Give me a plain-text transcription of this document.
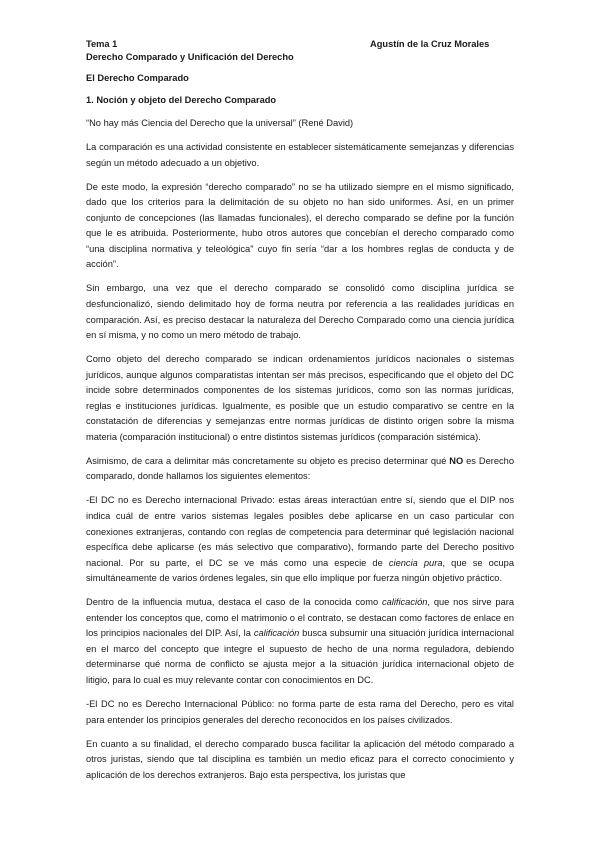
Tema 1
Derecho Comparado y Unificación del Derecho
Agustín de la Cruz Morales
El Derecho Comparado
1. Noción y objeto del Derecho Comparado

“No hay más Ciencia del Derecho que la universal” (René David)

La comparación es una actividad consistente en establecer sistemáticamente semejanzas y diferencias según un método adecuado a un objetivo.

De este modo, la expresión “derecho comparado” no se ha utilizado siempre en el mismo significado, dado que los criterios para la delimitación de su objeto no han sido uniformes. Así, en un primer conjunto de concepciones (las llamadas funcionales), el derecho comparado se define por la función que le es atribuida. Posteriormente, hubo otros autores que concebían el derecho comparado como “una disciplina normativa y teleológica” cuyo fin sería “dar a los hombres reglas de conducta y de acción”.

Sin embargo, una vez que el derecho comparado se consolidó como disciplina jurídica se desfuncionalizó, siendo delimitado hoy de forma neutra por referencia a las realidades jurídicas en comparación. Así, es preciso destacar la naturaleza del Derecho Comparado como una ciencia jurídica en sí misma, y no como un mero método de trabajo.

Como objeto del derecho comparado se indican ordenamientos jurídicos nacionales o sistemas jurídicos, aunque algunos comparatistas intentan ser más precisos, especificando que el objeto del DC incide sobre determinados componentes de los sistemas jurídicos, como son las normas jurídicas, reglas e instituciones jurídicas. Igualmente, es posible que un estudio comparativo se centre en la constatación de diferencias y semejanzas entre normas jurídicas de distinto origen sobre la misma materia (comparación institucional) o entre distintos sistemas jurídicos (comparación sistémica).

Asimismo, de cara a delimitar más concretamente su objeto es preciso determinar qué NO es Derecho comparado, donde hallamos los siguientes elementos:

-El DC no es Derecho internacional Privado: estas áreas interactúan entre sí, siendo que el DIP nos indica cuál de entre varios sistemas legales posibles debe aplicarse en un caso particular con conexiones extranjeras, contando con reglas de competencia para determinar qué legislación nacional específica debe aplicarse (es más selectivo que comparativo), formando parte del Derecho positivo nacional. Por su parte, el DC se ve más como una especie de ciencia pura, que se ocupa simultáneamente de varios órdenes legales, sin que ello implique por fuerza ningún objetivo práctico.

Dentro de la influencia mutua, destaca el caso de la conocida como calificación, que nos sirve para entender los conceptos que, como el matrimonio o el contrato, se destacan como factores de enlace en los principios nacionales del DIP. Así, la calificación busca subsumir una situación jurídica internacional en el marco del concepto que integre el supuesto de hecho de una norma reguladora, debiendo determinarse qué norma de conflicto se ajusta mejor a la situación jurídica internacional objeto de litigio, para lo cual es muy relevante contar con conocimientos en DC.

-El DC no es Derecho Internacional Público: no forma parte de esta rama del Derecho, pero es vital para entender los principios generales del derecho reconocidos en los países civilizados.

En cuanto a su finalidad, el derecho comparado busca facilitar la aplicación del método comparado a otros juristas, siendo que tal disciplina es también un medio eficaz para el correcto conocimiento y aplicación de los derechos extranjeros. Bajo esta perspectiva, los juristas que
